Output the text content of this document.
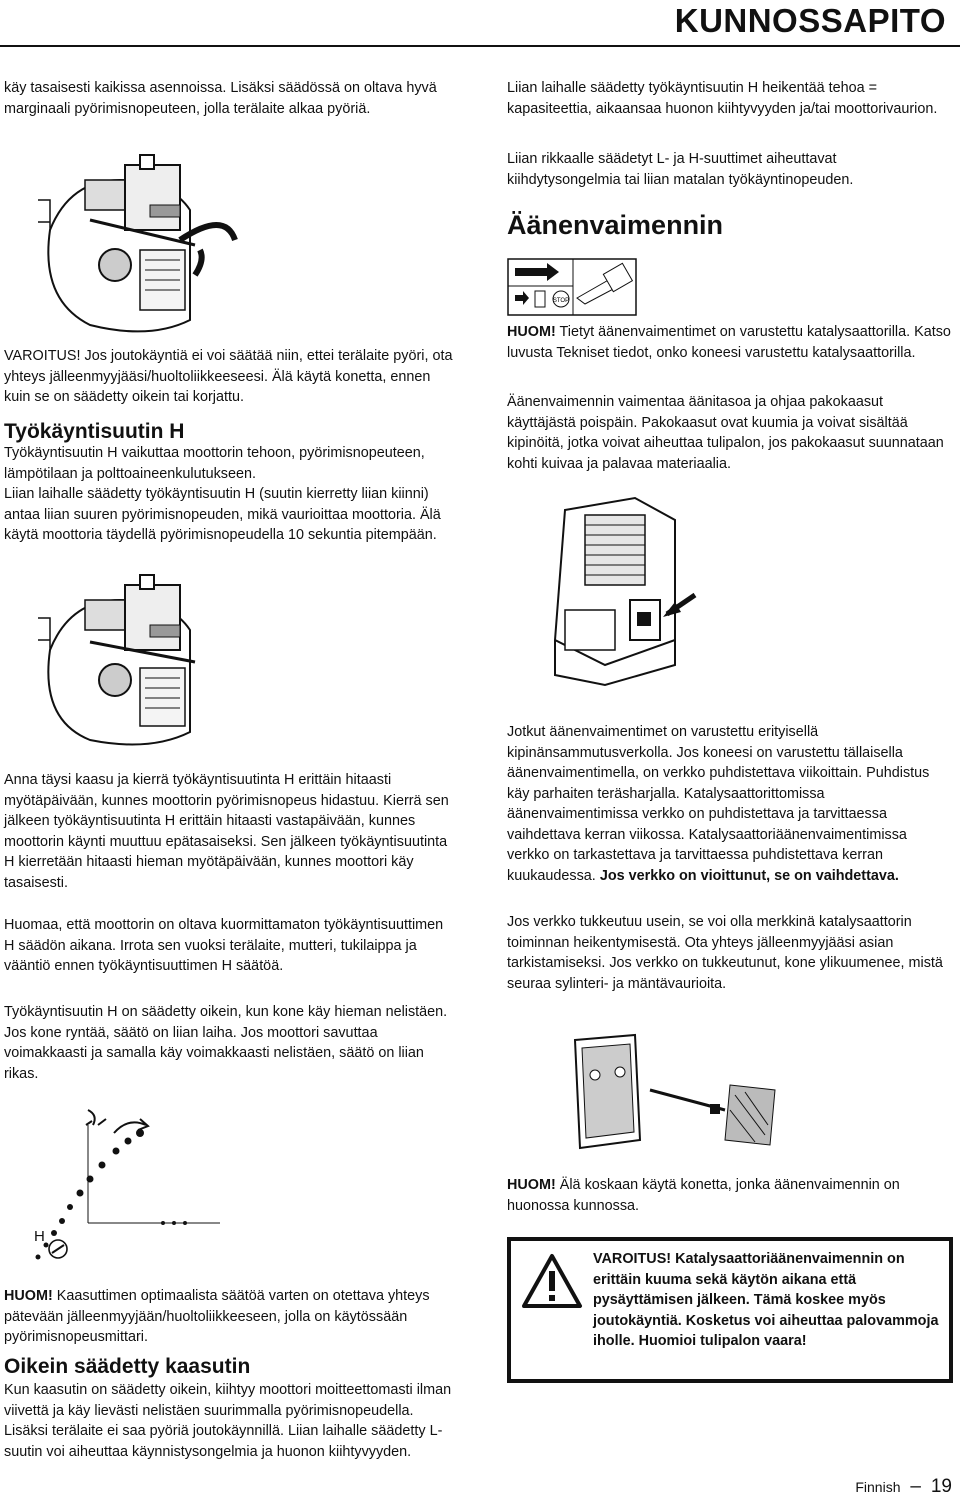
KUNNOSSAPITO

käy tasaisesti kaikissa asennoissa. Lisäksi säädössä on oltava hyvä marginaali pyörimisnopeuteen, jolla terälaite alkaa pyöriä.

VAROITUS! Jos joutokäyntiä ei voi säätää niin, ettei terälaite pyöri, ota yhteys jälleenmyyjääsi/huoltoliikkeeseesi. Älä käytä konetta, ennen kuin se on säädetty oikein tai korjattu.

Työkäyntisuutin H

Työkäyntisuutin H vaikuttaa moottorin tehoon, pyörimisnopeuteen, lämpötilaan ja polttoaineenkulutukseen.

Liian laihalle säädetty työkäyntisuutin H (suutin kierretty liian kiinni) antaa liian suuren pyörimisnopeuden, mikä vaurioittaa moottoria. Älä käytä moottoria täydellä pyörimisnopeudella 10 sekuntia pitempään.

Anna täysi kaasu ja kierrä työkäyntisuutinta H erittäin hitaasti myötäpäivään, kunnes moottorin pyörimisnopeus hidastuu. Kierrä sen jälkeen työkäyntisuutinta H erittäin hitaasti vastapäivään, kunnes moottorin käynti muuttuu epätasaiseksi. Sen jälkeen työkäyntisuutinta H kierretään hitaasti hieman myötäpäivään, kunnes moottori käy tasaisesti.

Huomaa, että moottorin on oltava kuormittamaton työkäyntisuuttimen H säädön aikana. Irrota sen vuoksi terälaite, mutteri, tukilaippa ja vääntiö ennen työkäyntisuuttimen H säätöä.

Työkäyntisuutin H on säädetty oikein, kun kone käy hieman nelistäen. Jos kone ryntää, säätö on liian laiha. Jos moottori savuttaa voimakkaasti ja samalla käy voimakkaasti nelistäen, säätö on liian rikas.

H

HUOM! Kaasuttimen optimaalista säätöä varten on otettava yhteys pätevään jälleenmyyjään/huoltoliikkeeseen, jolla on käytössään pyörimisnopeusmittari.

Oikein säädetty kaasutin

Kun kaasutin on säädetty oikein, kiihtyy moottori moitteettomasti ilman viivettä ja käy lievästi nelistäen suurimmalla pyörimisnopeudella. Lisäksi terälaite ei saa pyöriä joutokäynnillä. Liian laihalle säädetty L-suutin voi aiheuttaa käynnistysongelmia ja huonon kiihtyvyyden.

Liian laihalle säädetty työkäyntisuutin H heikentää tehoa = kapasiteettia, aikaansaa huonon kiihtyvyyden ja/tai moottorivaurion.

Liian rikkaalle säädetyt L- ja H-suuttimet aiheuttavat kiihdytysongelmia tai liian matalan työkäyntinopeuden.

Äänenvaimennin
STOP

HUOM! Tietyt äänenvaimentimet on varustettu katalysaattorilla. Katso luvusta Tekniset tiedot, onko koneesi varustettu katalysaattorilla.

Äänenvaimennin vaimentaa äänitasoa ja ohjaa pakokaasut käyttäjästä poispäin. Pakokaasut ovat kuumia ja voivat sisältää kipinöitä, jotka voivat aiheuttaa tulipalon, jos pakokaasut suunnataan kohti kuivaa ja palavaa materiaalia.

Jotkut äänenvaimentimet on varustettu erityisellä kipinänsammutusverkolla. Jos koneesi on varustettu tällaisella äänenvaimentimella, on verkko puhdistettava viikoittain. Puhdistus käy parhaiten teräsharjalla. Katalysaattorittomissa äänenvaimentimissa verkko on puhdistettava ja tarvittaessa vaihdettava kerran viikossa. Katalysaattoriäänenvaimentimissa verkko on tarkastettava ja tarvittaessa puhdistettava kerran kuukaudessa. Jos verkko on vioittunut, se on vaihdettava.

Jos verkko tukkeutuu usein, se voi olla merkkinä katalysaattorin toiminnan heikentymisestä. Ota yhteys jälleenmyyjääsi asian tarkistamiseksi. Jos verkko on tukkeutunut, kone ylikuumenee, mistä seuraa sylinteri- ja mäntävaurioita.

HUOM! Älä koskaan käytä konetta, jonka äänenvaimennin on huonossa kunnossa.

VAROITUS! Katalysaattoriäänenvaimennin on erittäin kuuma sekä käytön aikana että pysäyttämisen jälkeen. Tämä koskee myös joutokäyntiä. Kosketus voi aiheuttaa palovammoja iholle. Huomioi tulipalon vaara!

Finnish – 19
